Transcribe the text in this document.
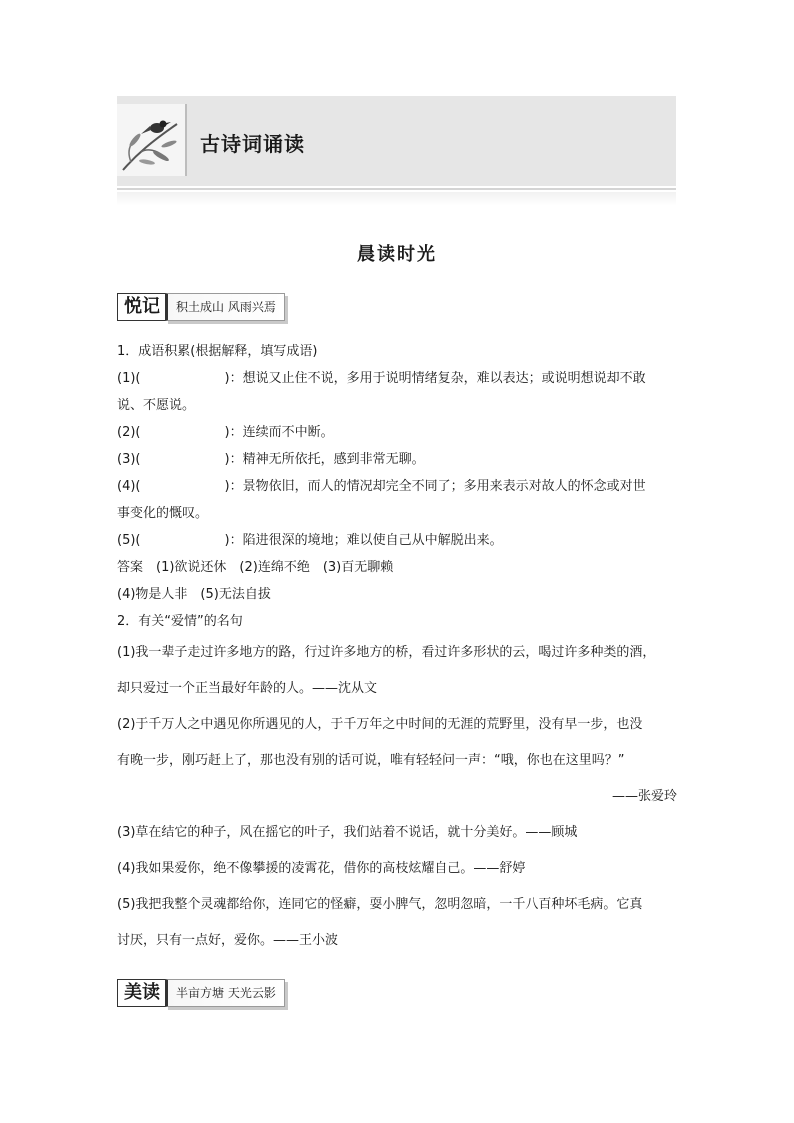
古诗词诵读
晨读时光
悦记	积土成山 风雨兴焉
1．成语积累(根据解释，填写成语)
(1)(	)：想说又止住不说，多用于说明情绪复杂，难以表达；或说明想说却不敢
说、不愿说。
(2)(	)：连续而不中断。
(3)(	)：精神无所依托，感到非常无聊。
(4)(	)：景物依旧，而人的情况却完全不同了；多用来表示对故人的怀念或对世
事变化的慨叹。
(5)(	)：陷进很深的境地；难以使自己从中解脱出来。
答案　(1)欲说还休　(2)连绵不绝　(3)百无聊赖
(4)物是人非　(5)无法自拔
2．有关“爱情”的名句
(1)我一辈子走过许多地方的路，行过许多地方的桥，看过许多形状的云，喝过许多种类的酒，
却只爱过一个正当最好年龄的人。——沈从文
(2)于千万人之中遇见你所遇见的人，于千万年之中时间的无涯的荒野里，没有早一步，也没
有晚一步，刚巧赶上了，那也没有别的话可说，唯有轻轻问一声：“哦，你也在这里吗？”
——张爱玲
(3)草在结它的种子，风在摇它的叶子，我们站着不说话，就十分美好。——顾城
(4)我如果爱你，绝不像攀援的凌霄花，借你的高枝炫耀自己。——舒婷
(5)我把我整个灵魂都给你，连同它的怪癖，耍小脾气，忽明忽暗，一千八百种坏毛病。它真
讨厌，只有一点好，爱你。——王小波
美读	半亩方塘 天光云影
